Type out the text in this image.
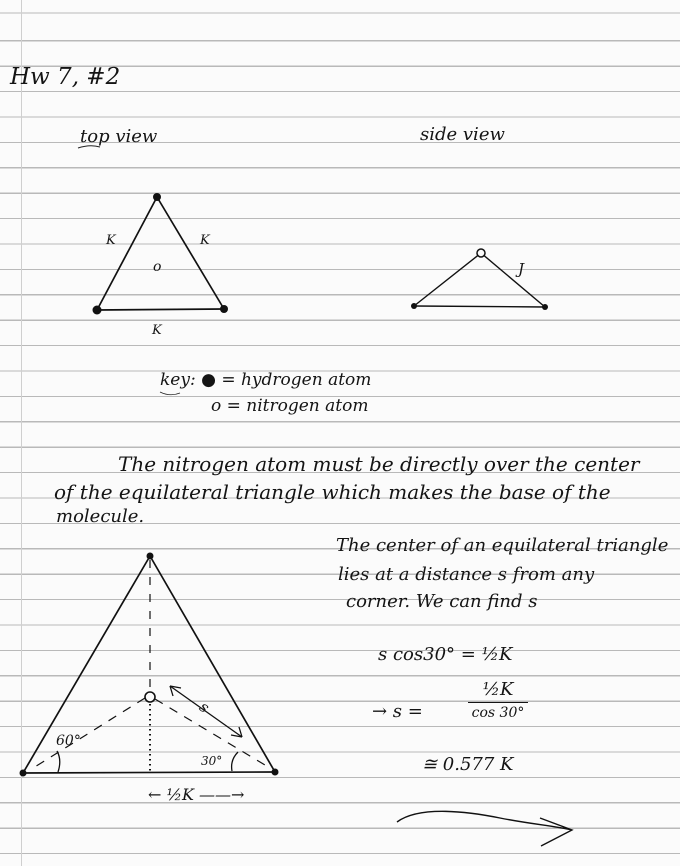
Hw 7, #2
top view	side view
K	K
o
K
J
s
60°
30°
← ½K ——→
key: ● = hydrogen atom
o = nitrogen atom
The nitrogen atom must be directly over the center
of the equilateral triangle which makes the base of the
molecule.
The center of an equilateral triangle
lies at a distance s from any
corner. We can find s
s cos30° = ½K
→ s =
½K
cos 30°
≅ 0.577 K
